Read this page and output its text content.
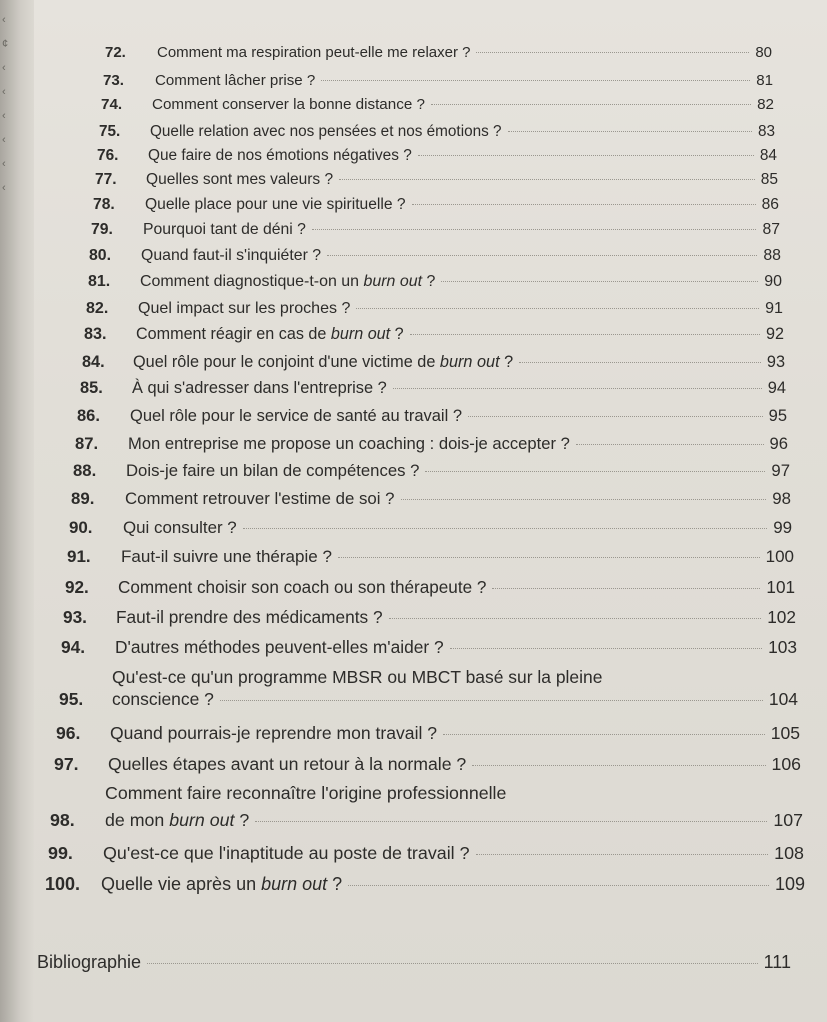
‹
¢
‹
‹
‹
‹
‹
‹
72. Comment ma respiration peut-elle me relaxer ?	80
73. Comment lâcher prise ?	81
74. Comment conserver la bonne distance ?	82
75. Quelle relation avec nos pensées et nos émotions ?	83
76. Que faire de nos émotions négatives ?	84
77. Quelles sont mes valeurs ?	85
78. Quelle place pour une vie spirituelle ?	86
79. Pourquoi tant de déni ?	87
80. Quand faut-il s'inquiéter ?	88
81. Comment diagnostique-t-on un burn out ?	90
82. Quel impact sur les proches ?	91
83. Comment réagir en cas de burn out ?	92
84. Quel rôle pour le conjoint d'une victime de burn out ?	93
85. À qui s'adresser dans l'entreprise ?	94
86. Quel rôle pour le service de santé au travail ?	95
87. Mon entreprise me propose un coaching : dois-je accepter ?	96
88. Dois-je faire un bilan de compétences ?	97
89. Comment retrouver l'estime de soi ?	98
90. Qui consulter ?	99
91. Faut-il suivre une thérapie ?	100
92. Comment choisir son coach ou son thérapeute ?	101
93. Faut-il prendre des médicaments ?	102
94. D'autres méthodes peuvent-elles m'aider ?	103
95.
Qu'est-ce qu'un programme MBSR ou MBCT basé sur la pleine
conscience ?	104
96. Quand pourrais-je reprendre mon travail ?	105
97. Quelles étapes avant un retour à la normale ?	106
98.
Comment faire reconnaître l'origine professionnelle
de mon burn out ?	107
99. Qu'est-ce que l'inaptitude au poste de travail ?	108
100. Quelle vie après un burn out ?	109
Bibliographie	111
